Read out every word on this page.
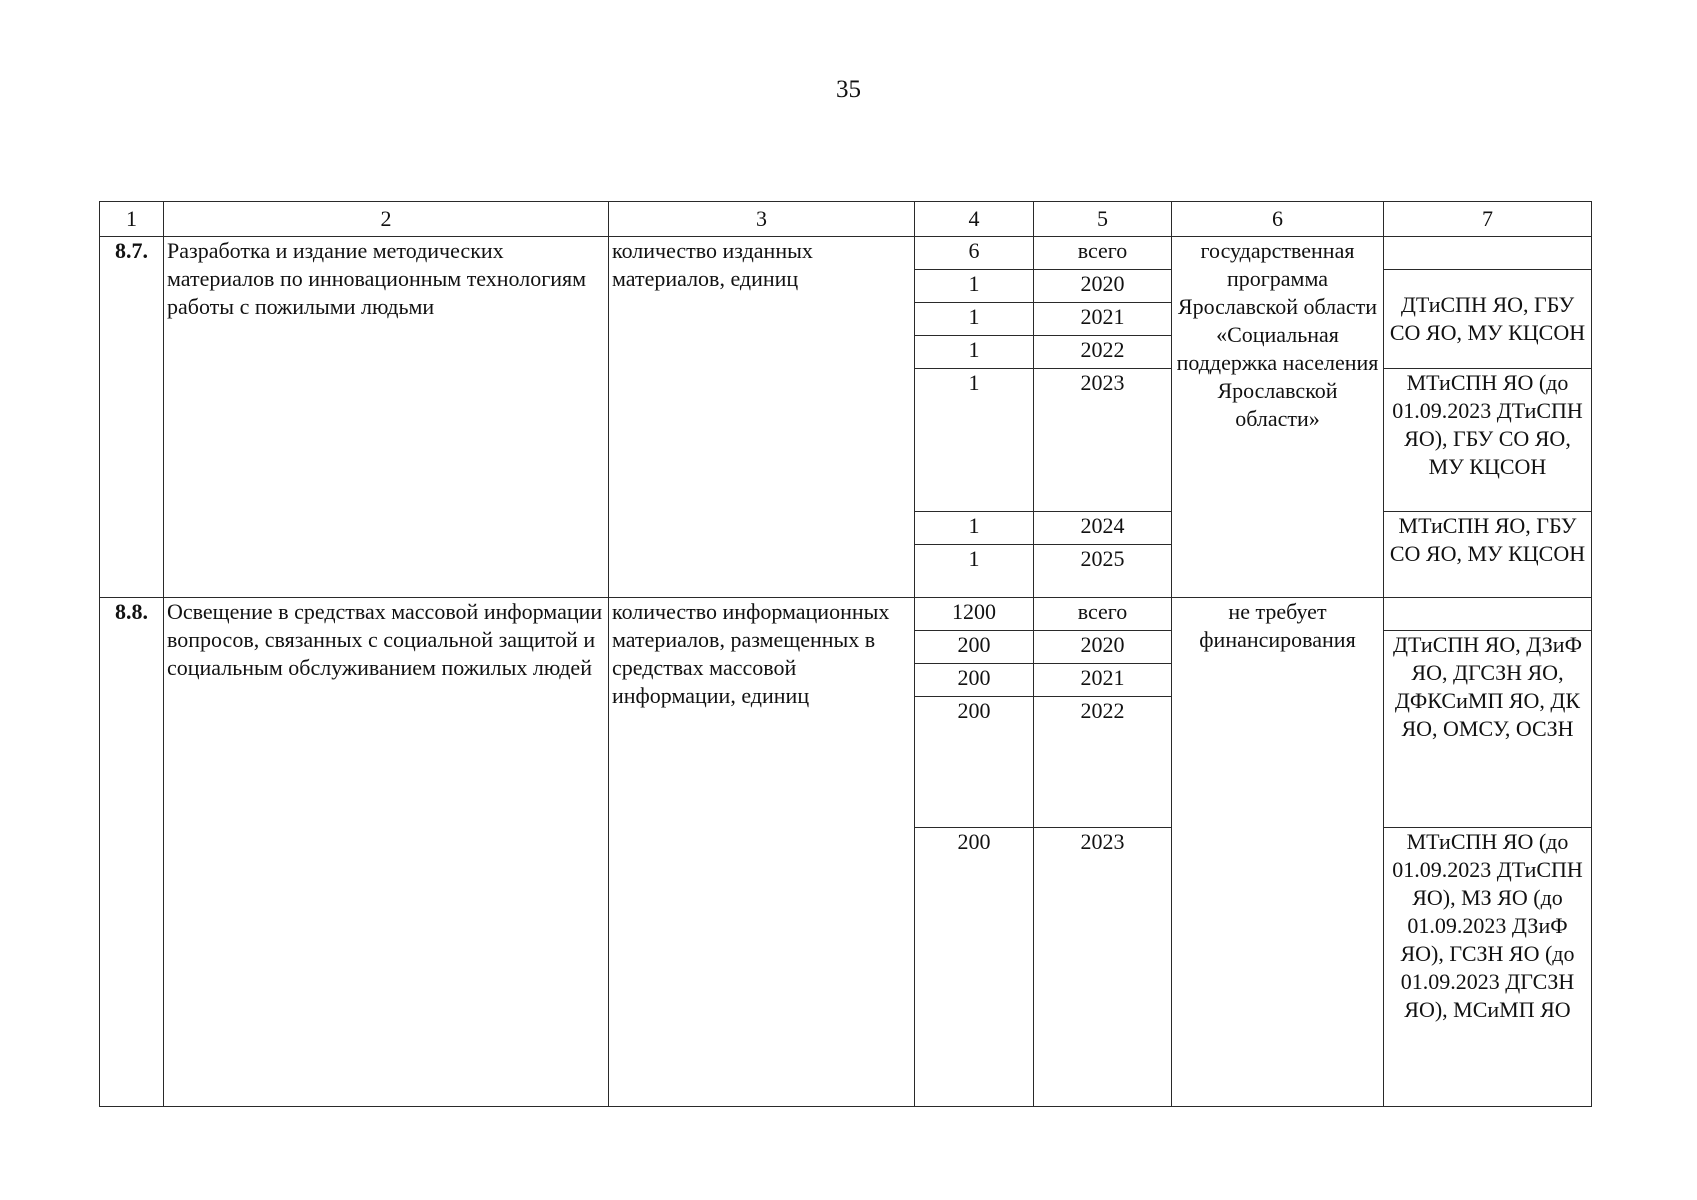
35
1	2	3	4	5	6	7
8.7.	Разработка и издание методических материалов по инновационным технологиям работы с пожилыми людьми	количество изданных материалов, единиц	6	всего	государственная программа Ярославской области «Социальная поддержка населения Ярославской области»	
			1	2020		ДТиСПН ЯО, ГБУ СО ЯО, МУ КЦСОН
			1	2021		
			1	2022		
			1	2023		МТиСПН ЯО (до 01.09.2023 ДТиСПН ЯО), ГБУ СО ЯО, МУ КЦСОН
			1	2024		МТиСПН ЯО, ГБУ СО ЯО, МУ КЦСОН
			1	2025		
8.8.	Освещение в средствах массовой информации вопросов, связанных с социальной защитой и социальным обслуживанием пожилых людей	количество информационных материалов, размещенных в средствах массовой информации, единиц	1200	всего	не требует финансирования	
			200	2020		ДТиСПН ЯО, ДЗиФ ЯО, ДГСЗН ЯО, ДФКСиМП ЯО, ДК ЯО, ОМСУ, ОСЗН
			200	2021		
			200	2022		
			200	2023		МТиСПН ЯО (до 01.09.2023 ДТиСПН ЯО), МЗ ЯО (до 01.09.2023 ДЗиФ ЯО), ГСЗН ЯО (до 01.09.2023 ДГСЗН ЯО), МСиМП ЯО
